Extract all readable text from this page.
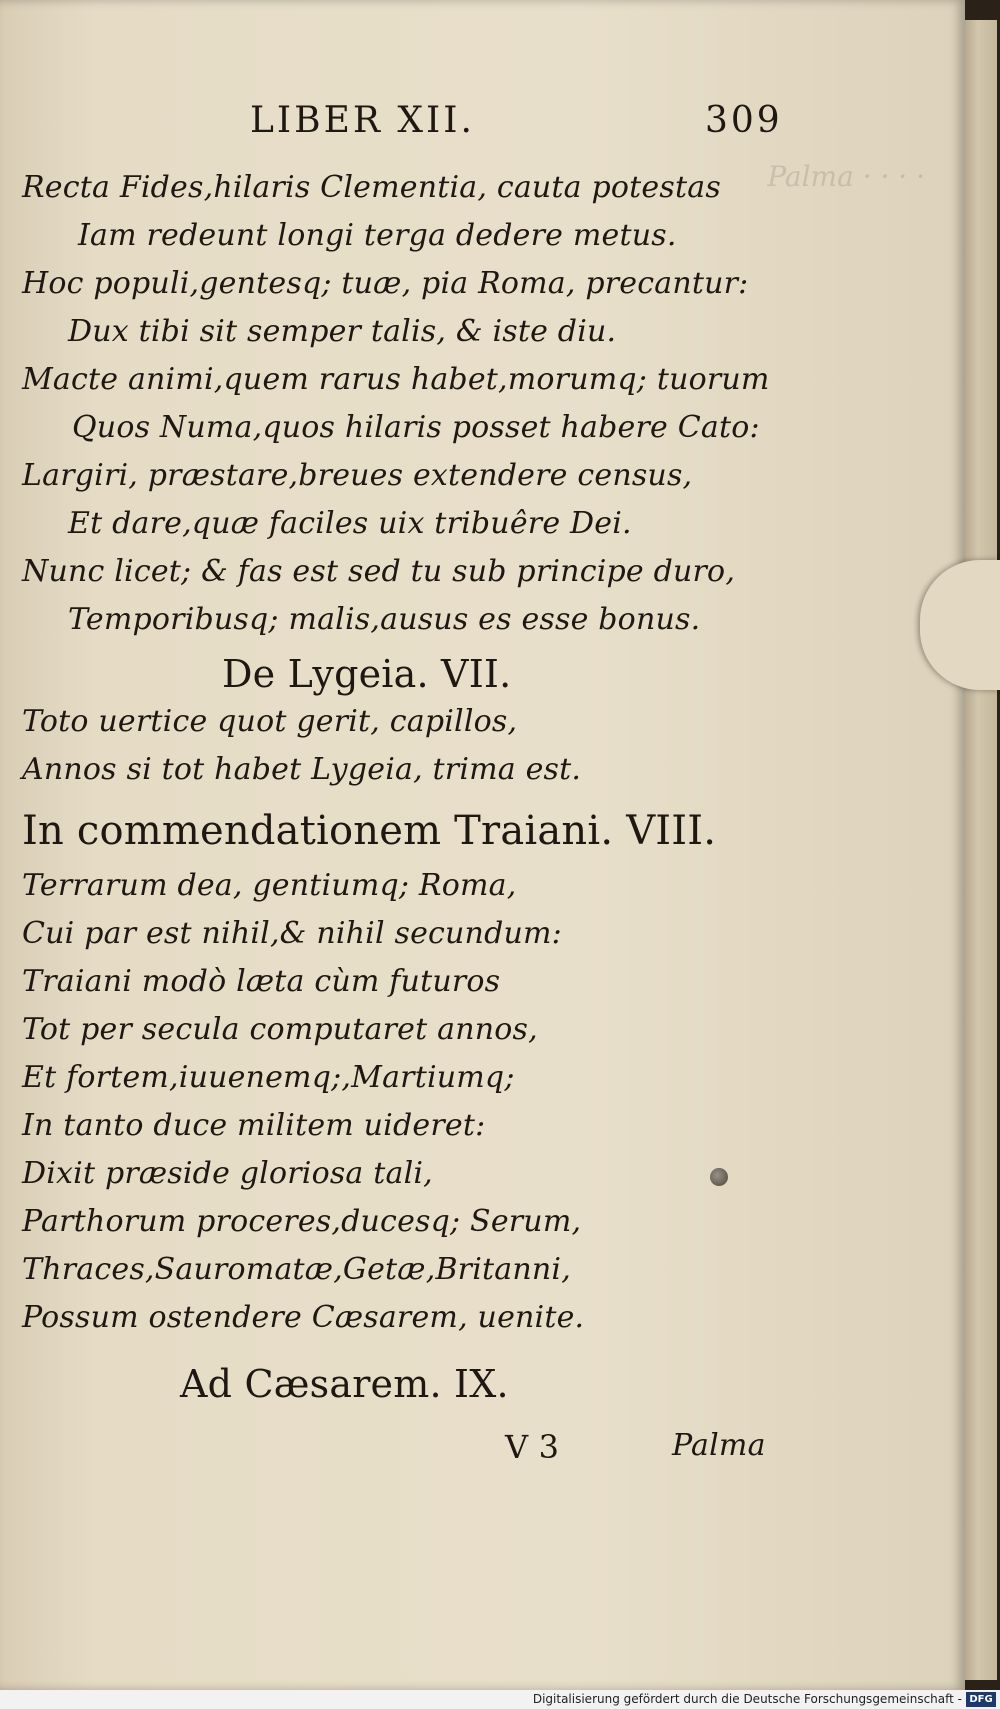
Palma · · · ·
LIBER XII.	309
Recta Fides,hilaris Clementia, cauta potestas
Iam redeunt longi terga dedere metus.
Hoc populi,gentesq; tuæ, pia Roma, precantur:
Dux tibi sit semper talis, & iste diu.
Macte animi,quem rarus habet,morumq; tuorum
Quos Numa,quos hilaris posset habere Cato:
Largiri, præstare,breues extendere census,
Et dare,quæ faciles uix tribuêre Dei.
Nunc licet; & fas est sed tu sub principe duro,
Temporibusq; malis,ausus es esse bonus.
De Lygeia. VII.
Toto uertice quot gerit, capillos,
Annos si tot habet Lygeia, trima est.
In commendationem Traiani. VIII.
Terrarum dea, gentiumq; Roma,
Cui par est nihil,& nihil secundum:
Traiani modò læta cùm futuros
Tot per secula computaret annos,
Et fortem,iuuenemq;,Martiumq;
In tanto duce militem uideret:
Dixit præside gloriosa tali,
Parthorum proceres,ducesq; Serum,
Thraces,Sauromatæ,Getæ,Britanni,
Possum ostendere Cæsarem, uenite.
Ad Cæsarem. IX.
V 3	Palma
Digitalisierung gefördert durch die Deutsche Forschungsgemeinschaft - DFG
